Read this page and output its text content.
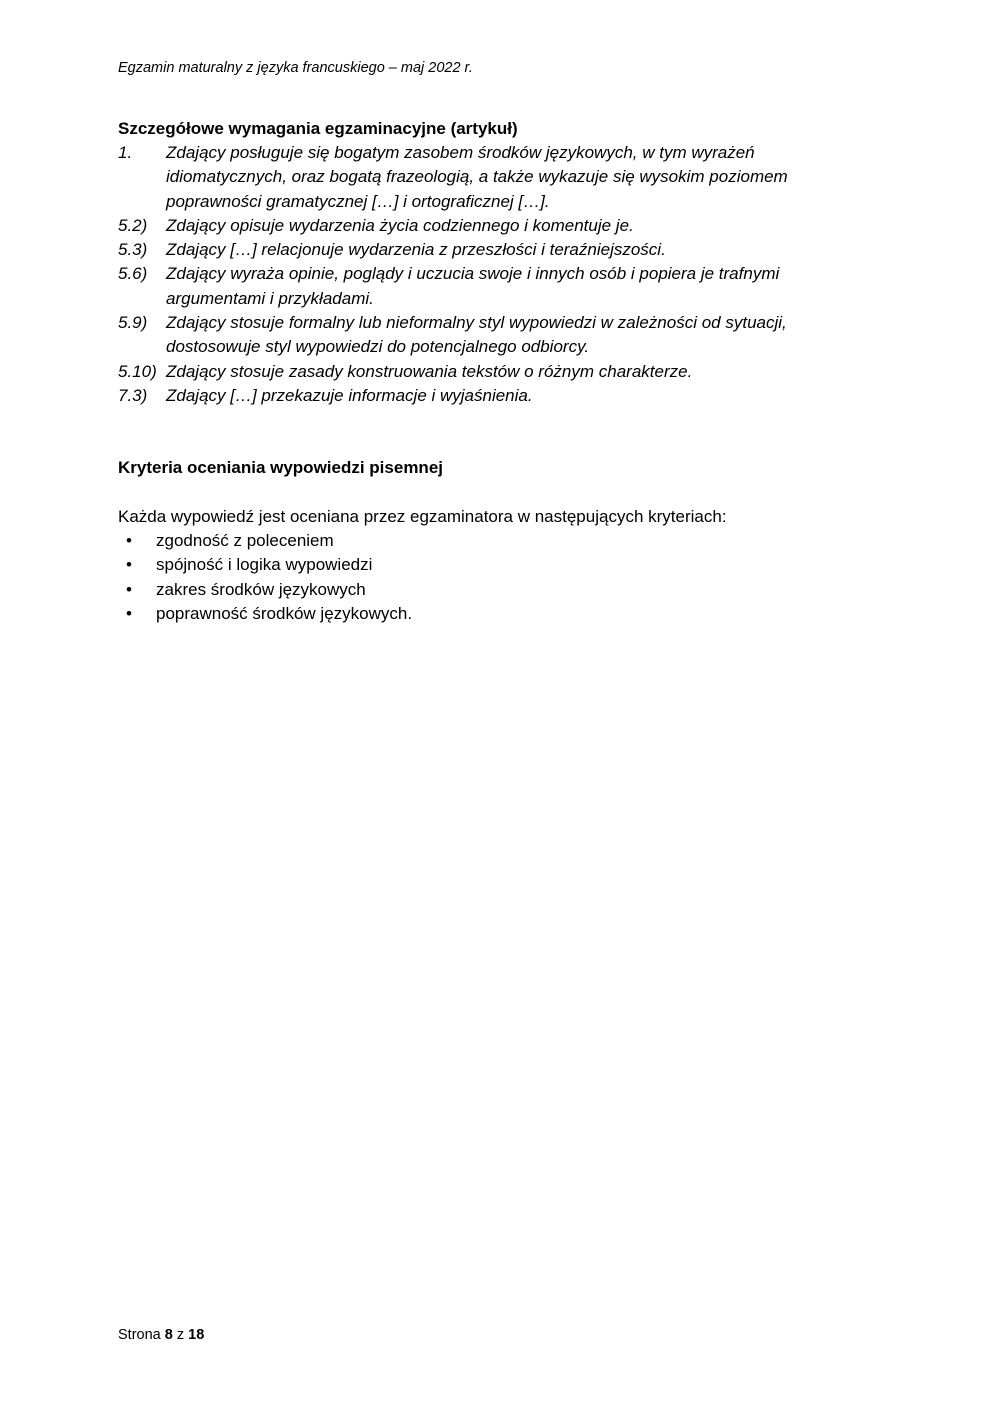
Egzamin maturalny z języka francuskiego – maj 2022 r.
Szczegółowe wymagania egzaminacyjne (artykuł)
1.	Zdający posługuje się bogatym zasobem środków językowych, w tym wyrażeń idiomatycznych, oraz bogatą frazeologią, a także wykazuje się wysokim poziomem poprawności gramatycznej […] i ortograficznej […].
5.2)	Zdający opisuje wydarzenia życia codziennego i komentuje je.
5.3)	Zdający […] relacjonuje wydarzenia z przeszłości i teraźniejszości.
5.6)	Zdający wyraża opinie, poglądy i uczucia swoje i innych osób i popiera je trafnymi argumentami i przykładami.
5.9)	Zdający stosuje formalny lub nieformalny styl wypowiedzi w zależności od sytuacji, dostosowuje styl wypowiedzi do potencjalnego odbiorcy.
5.10) Zdający stosuje zasady konstruowania tekstów o różnym charakterze.
7.3)	Zdający […] przekazuje informacje i wyjaśnienia.
Kryteria oceniania wypowiedzi pisemnej
Każda wypowiedź jest oceniana przez egzaminatora w następujących kryteriach:
•	zgodność z poleceniem
•	spójność i logika wypowiedzi
•	zakres środków językowych
•	poprawność środków językowych.
Strona 8 z 18
